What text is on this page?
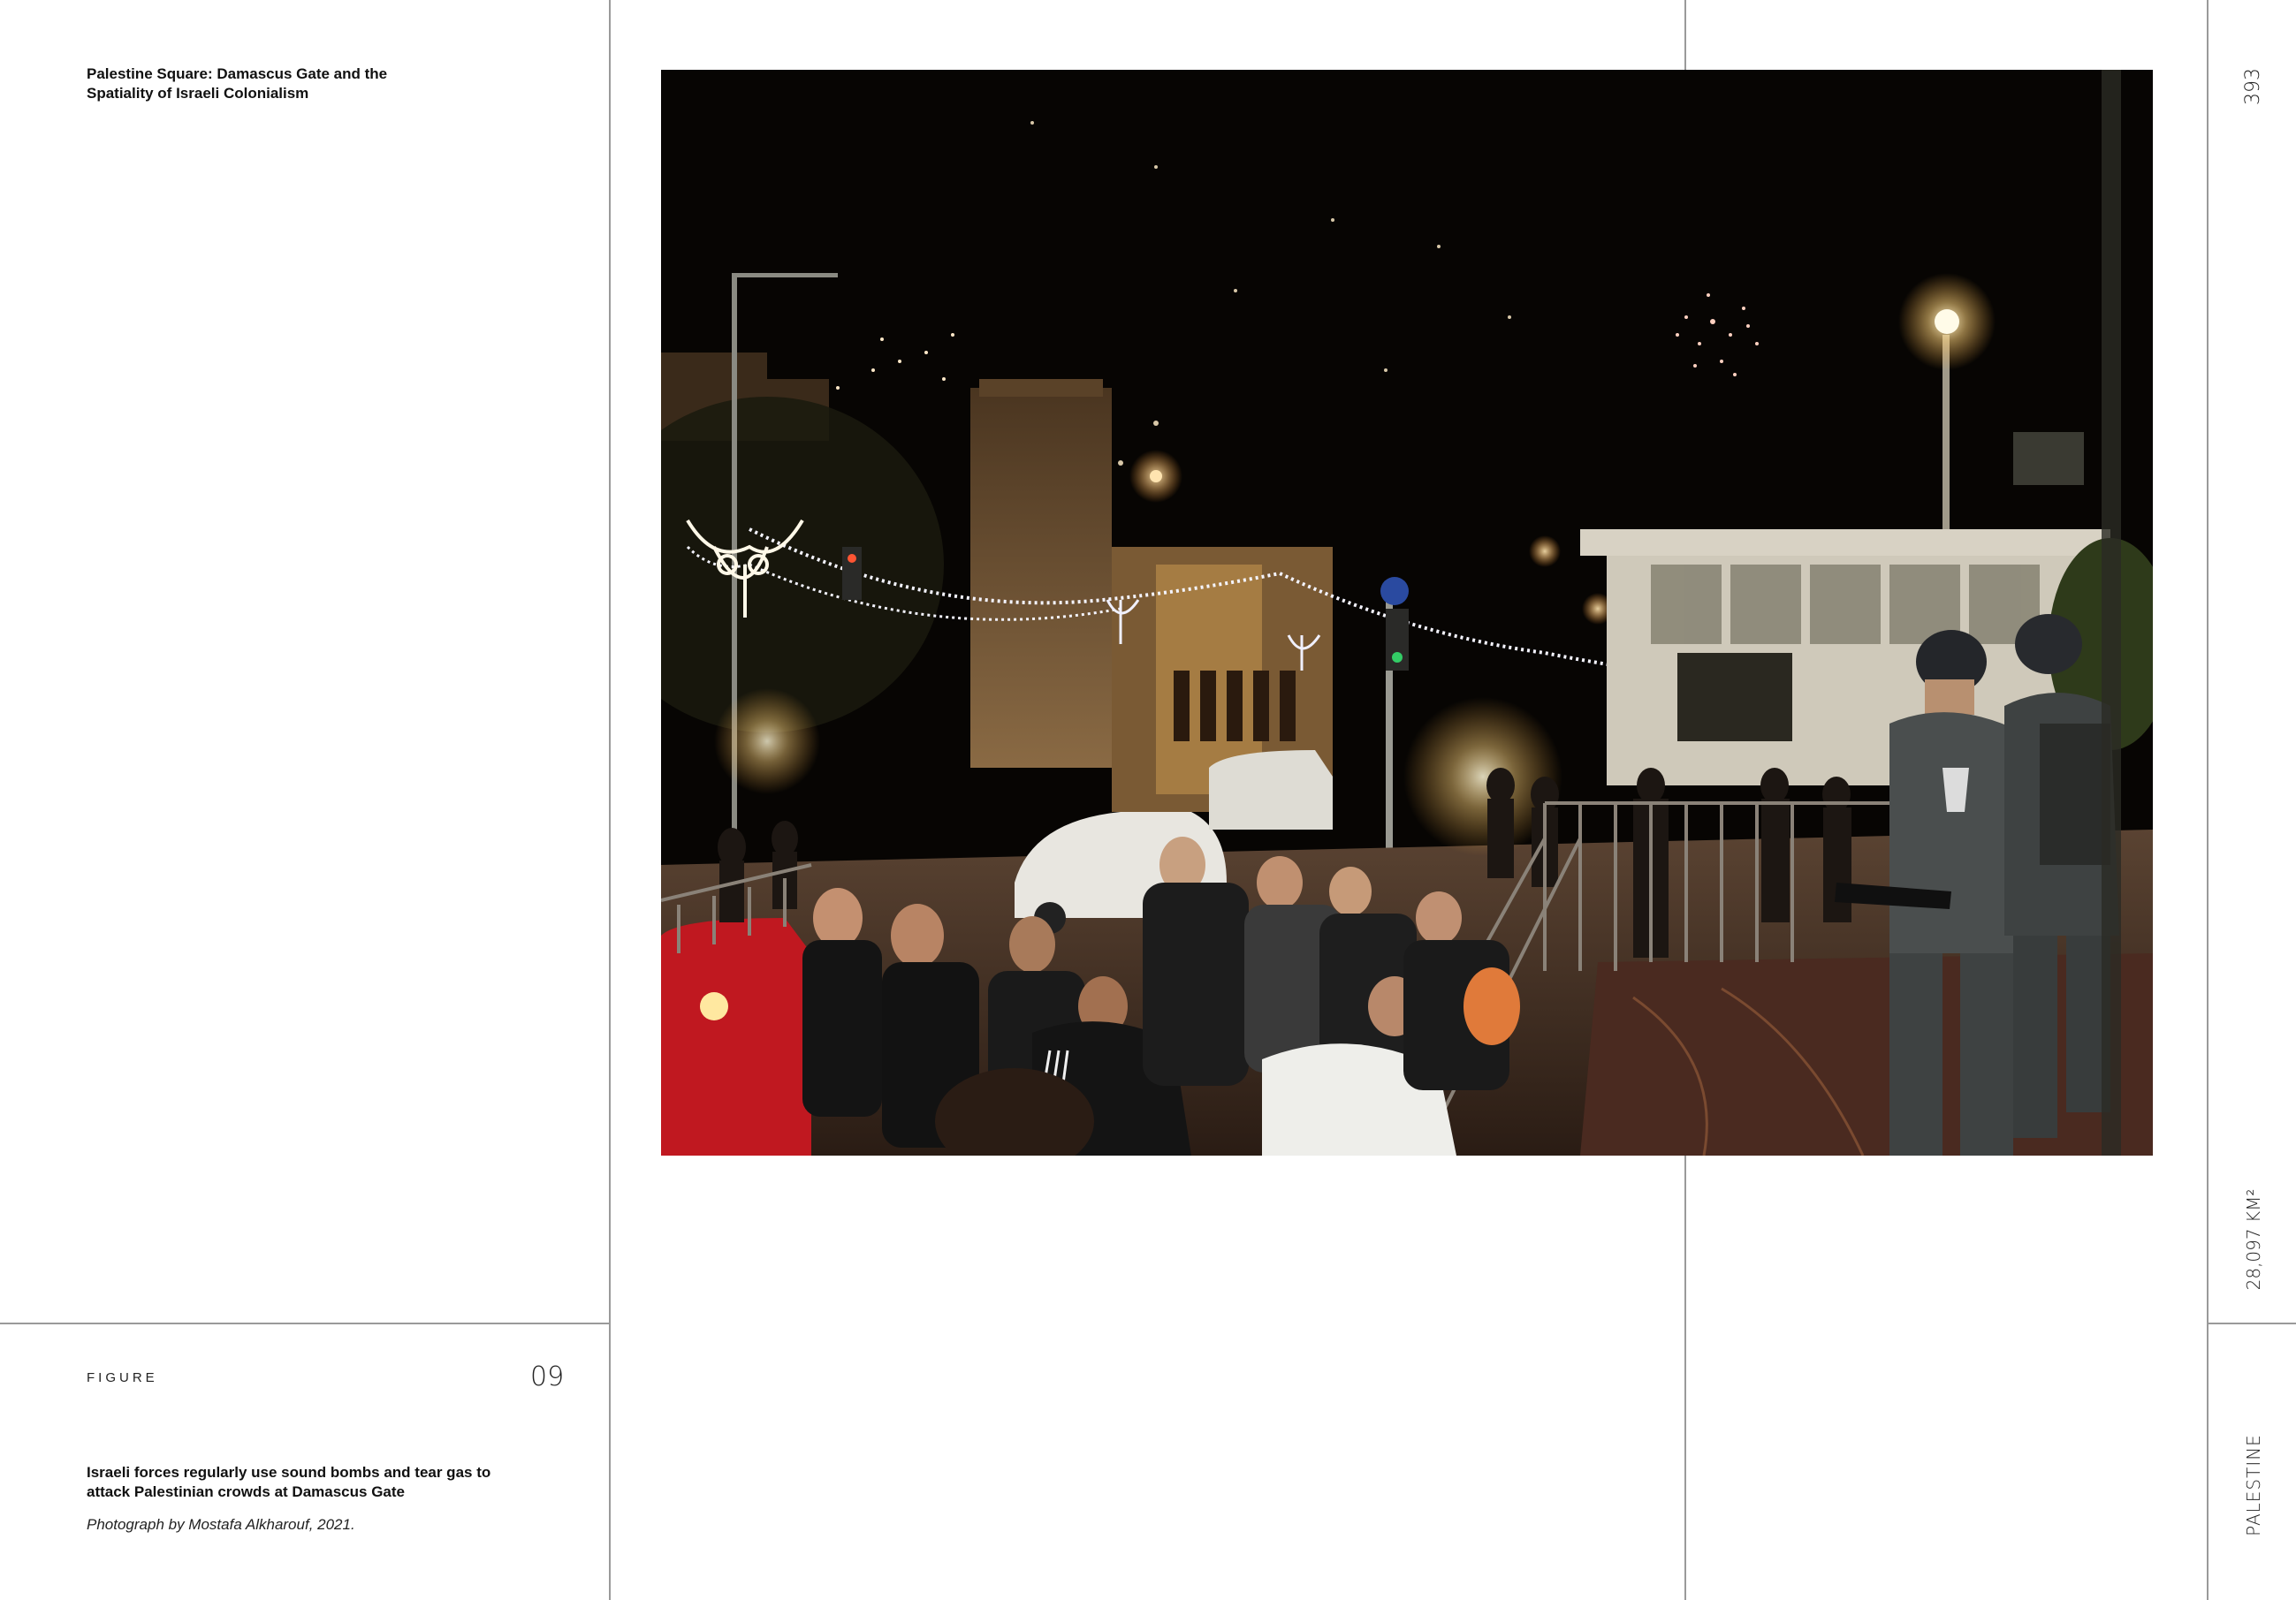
Palestine Square: Damascus Gate and the Spatiality of Israeli Colonialism
FIGURE	09
Israeli forces regularly use sound bombs and tear gas to attack Palestinian crowds at Damascus Gate
Photograph by Mostafa Alkharouf, 2021.
393
28,097 KM²
PALESTINE
